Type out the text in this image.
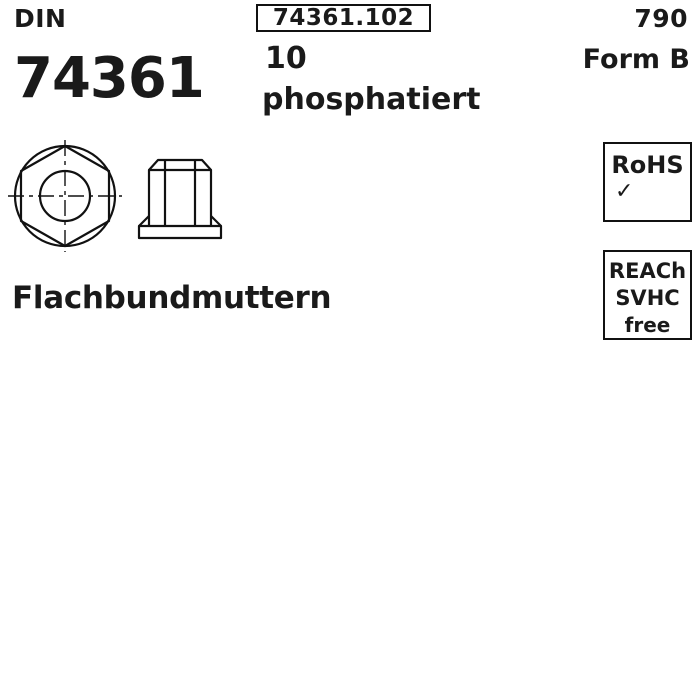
DIN	74361.102	790
74361 10
phosphatiert
Form B
Flachbundmuttern
RoHS
✓
REACh
SVHC
free
